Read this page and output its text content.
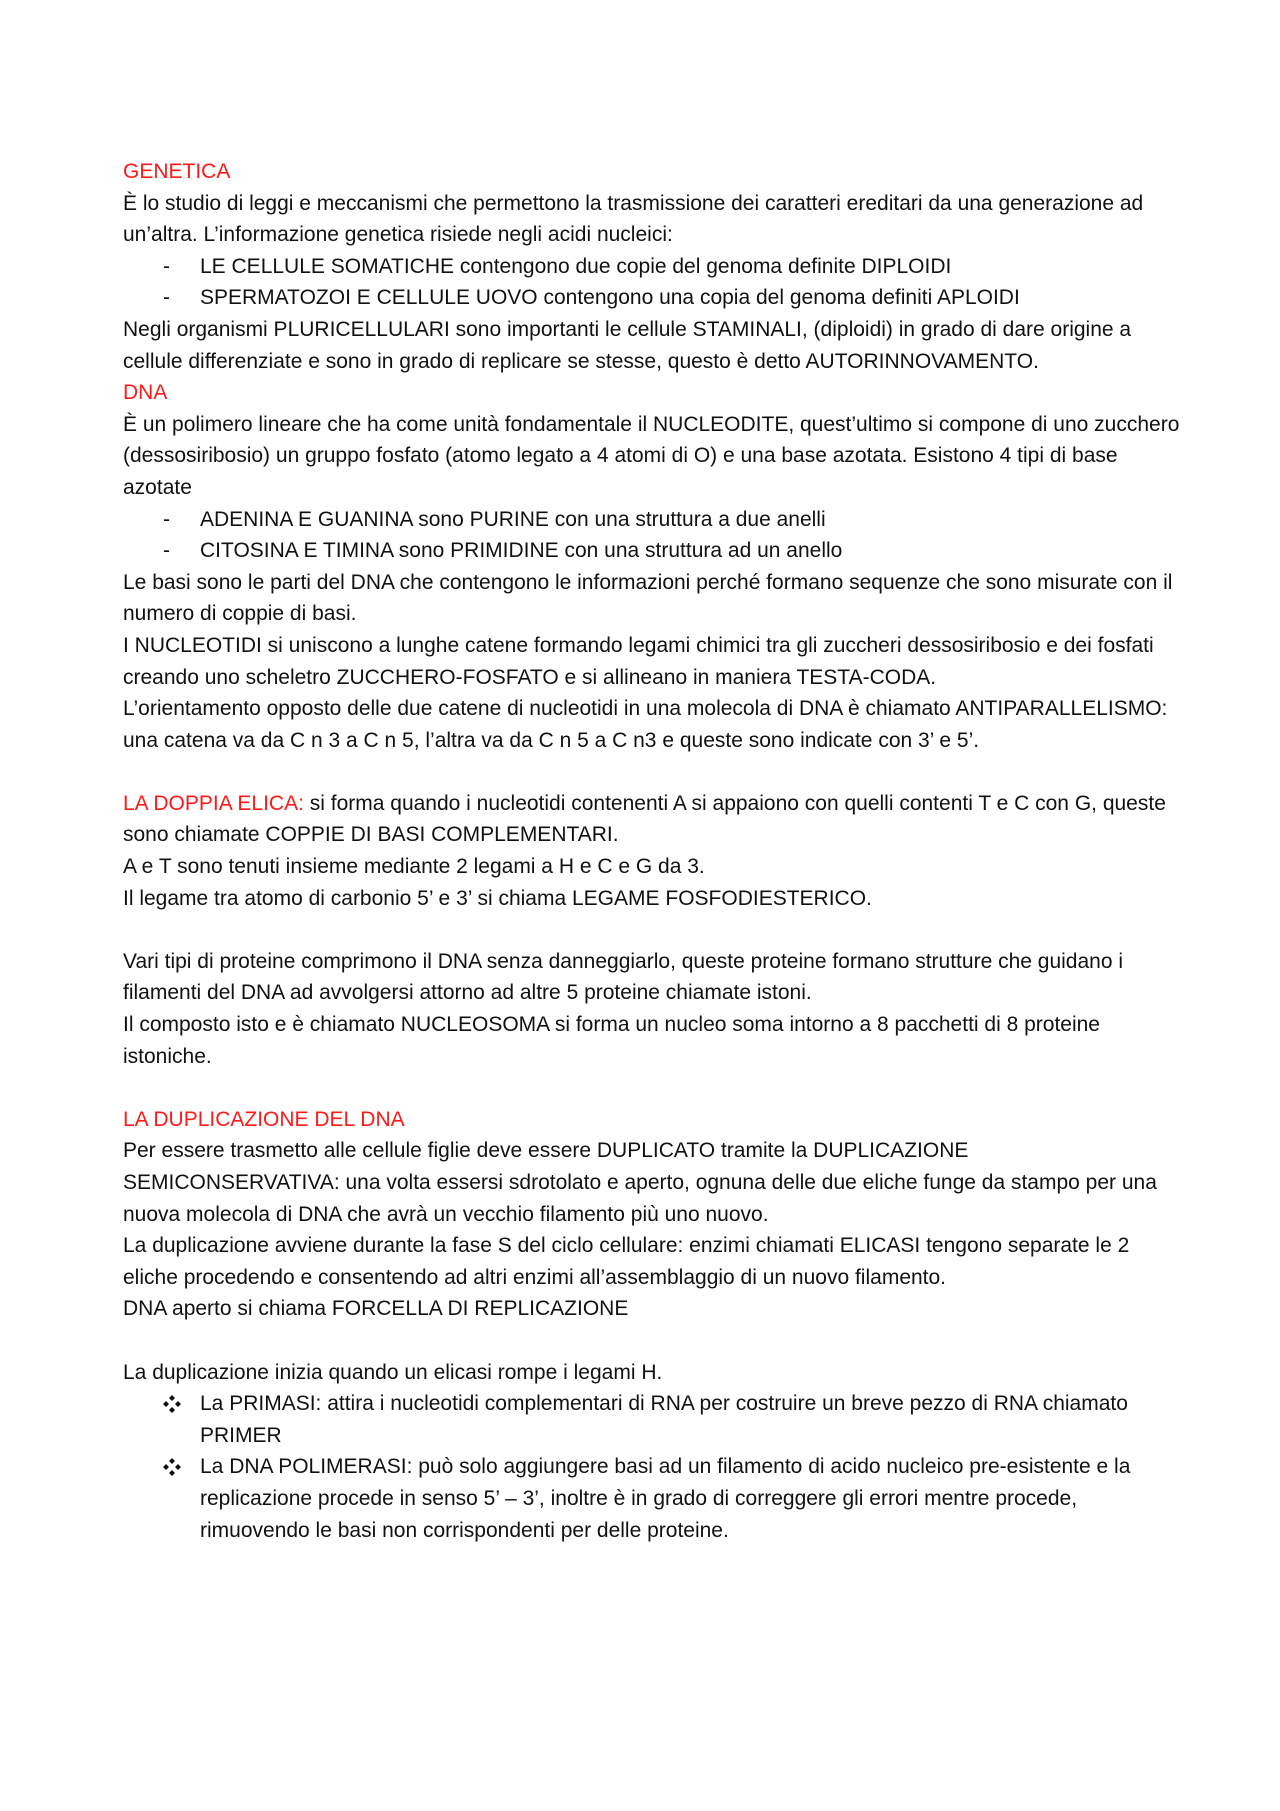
GENETICA

È lo studio di leggi e meccanismi che permettono la trasmissione dei caratteri ereditari da una generazione ad un’altra. L’informazione genetica risiede negli acidi nucleici:

- LE CELLULE SOMATICHE contengono due copie del genoma definite DIPLOIDI
- SPERMATOZOI E CELLULE UOVO contengono una copia del genoma definiti APLOIDI

Negli organismi PLURICELLULARI sono importanti le cellule STAMINALI, (diploidi) in grado di dare origine a cellule differenziate e sono in grado di replicare se stesse, questo è detto AUTORINNOVAMENTO.

DNA

È un polimero lineare che ha come unità fondamentale il NUCLEODITE, quest’ultimo si compone di uno zucchero (dessosiribosio) un gruppo fosfato (atomo legato a 4 atomi di O) e una base azotata. Esistono 4 tipi di base azotate

- ADENINA E GUANINA sono PURINE con una struttura a due anelli
- CITOSINA E TIMINA sono PRIMIDINE con una struttura ad un anello

Le basi sono le parti del DNA che contengono le informazioni perché formano sequenze che sono misurate con il numero di coppie di basi.

I NUCLEOTIDI si uniscono a lunghe catene formando legami chimici tra gli zuccheri dessosiribosio e dei fosfati creando uno scheletro ZUCCHERO-FOSFATO e si allineano in maniera TESTA-CODA.

L’orientamento opposto delle due catene di nucleotidi in una molecola di DNA è chiamato ANTIPARALLELISMO: una catena va da C n 3 a C n 5, l’altra va da C n 5 a C n3 e queste sono indicate con 3’ e 5’.

LA DOPPIA ELICA: si forma quando i nucleotidi contenenti A si appaiono con quelli contenti T e C con G, queste sono chiamate COPPIE DI BASI COMPLEMENTARI.

A e T sono tenuti insieme mediante 2 legami a H e C e G da 3.

Il legame tra atomo di carbonio 5’ e 3’ si chiama LEGAME FOSFODIESTERICO.

Vari tipi di proteine comprimono il DNA senza danneggiarlo, queste proteine formano strutture che guidano i filamenti del DNA ad avvolgersi attorno ad altre 5 proteine chiamate istoni.

Il composto isto e è chiamato NUCLEOSOMA si forma un nucleo soma intorno a 8 pacchetti di 8 proteine istoniche.

LA DUPLICAZIONE DEL DNA

Per essere trasmetto alle cellule figlie deve essere DUPLICATO tramite la DUPLICAZIONE SEMICONSERVATIVA: una volta essersi sdrotolato e aperto, ognuna delle due eliche funge da stampo per una nuova molecola di DNA che avrà un vecchio filamento più uno nuovo.

La duplicazione avviene durante la fase S del ciclo cellulare: enzimi chiamati ELICASI tengono separate le 2 eliche procedendo e consentendo ad altri enzimi all’assemblaggio di un nuovo filamento.

DNA aperto si chiama FORCELLA DI REPLICAZIONE

La duplicazione inizia quando un elicasi rompe i legami H.

La PRIMASI: attira i nucleotidi complementari di RNA per costruire un breve pezzo di RNA chiamato PRIMER
La DNA POLIMERASI: può solo aggiungere basi ad un filamento di acido nucleico pre-esistente e la replicazione procede in senso 5’ – 3’, inoltre è in grado di correggere gli errori mentre procede, rimuovendo le basi non corrispondenti per delle proteine.
